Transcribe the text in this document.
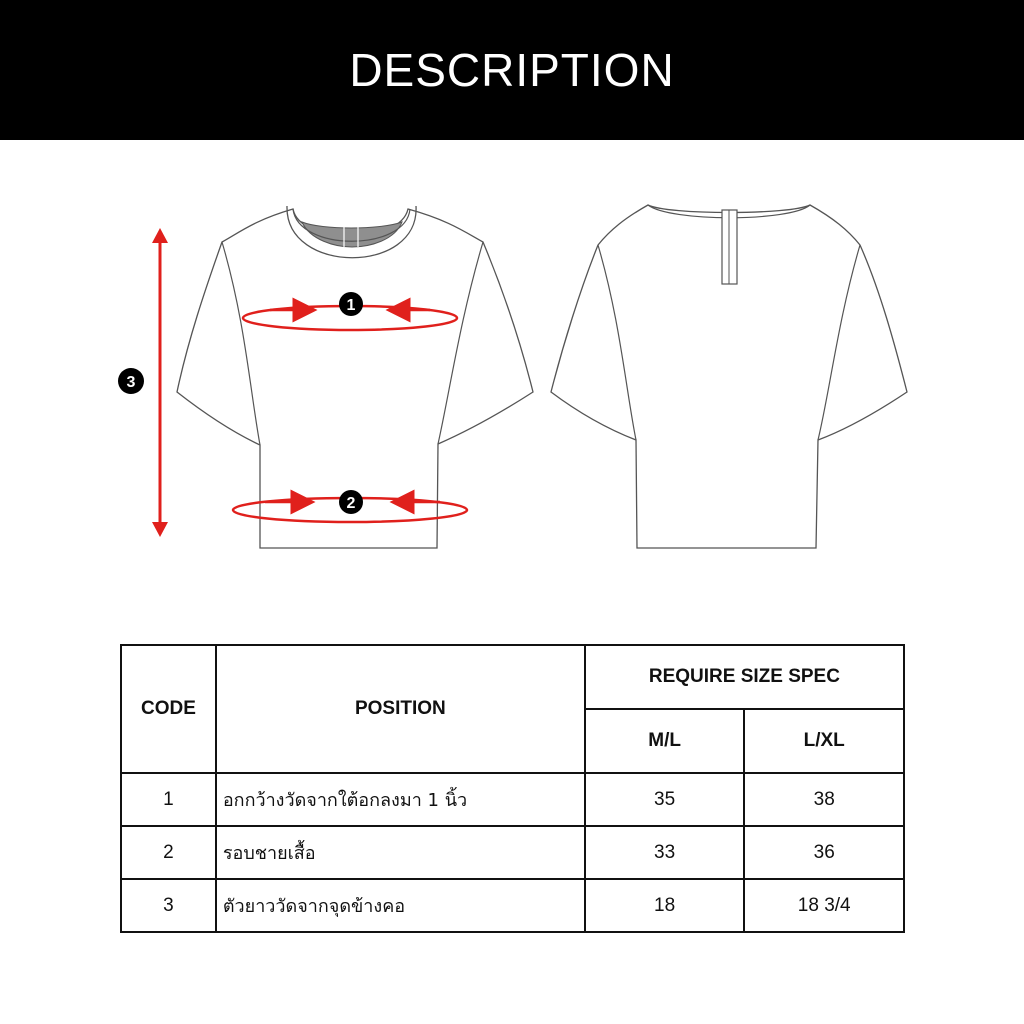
DESCRIPTION
1
2
3
CODE	POSITION	REQUIRE SIZE SPEC	
		M/L	L/XL
1	อกกว้างวัดจากใต้อกลงมา 1 นิ้ว	35	38
2	รอบชายเสื้อ	33	36
3	ตัวยาววัดจากจุดข้างคอ	18	18 3/4
